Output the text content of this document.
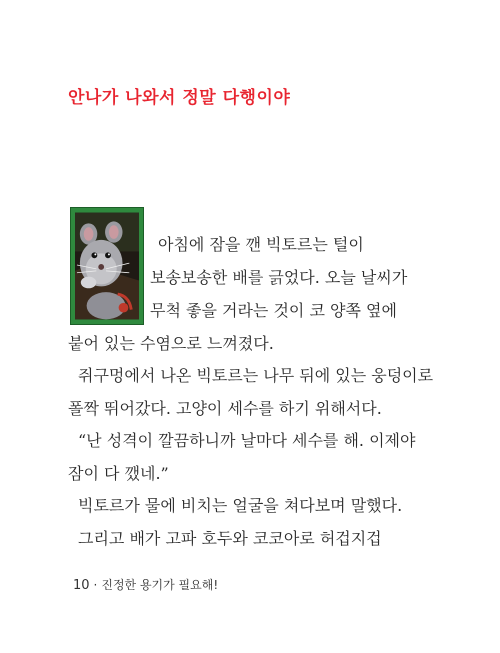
안나가 나와서 정말 다행이야
아침에 잠을 깬 빅토르는 털이
보송보송한 배를 긁었다. 오늘 날씨가
무척 좋을 거라는 것이 코 양쪽 옆에
붙어 있는 수염으로 느껴졌다.
쥐구멍에서 나온 빅토르는 나무 뒤에 있는 웅덩이로
폴짝 뛰어갔다. 고양이 세수를 하기 위해서다.
“난 성격이 깔끔하니까 날마다 세수를 해. 이제야
잠이 다 깼네.”
빅토르가 물에 비치는 얼굴을 쳐다보며 말했다.
그리고 배가 고파 호두와 코코아로 허겁지겁
10 · 진정한 용기가 필요해!
